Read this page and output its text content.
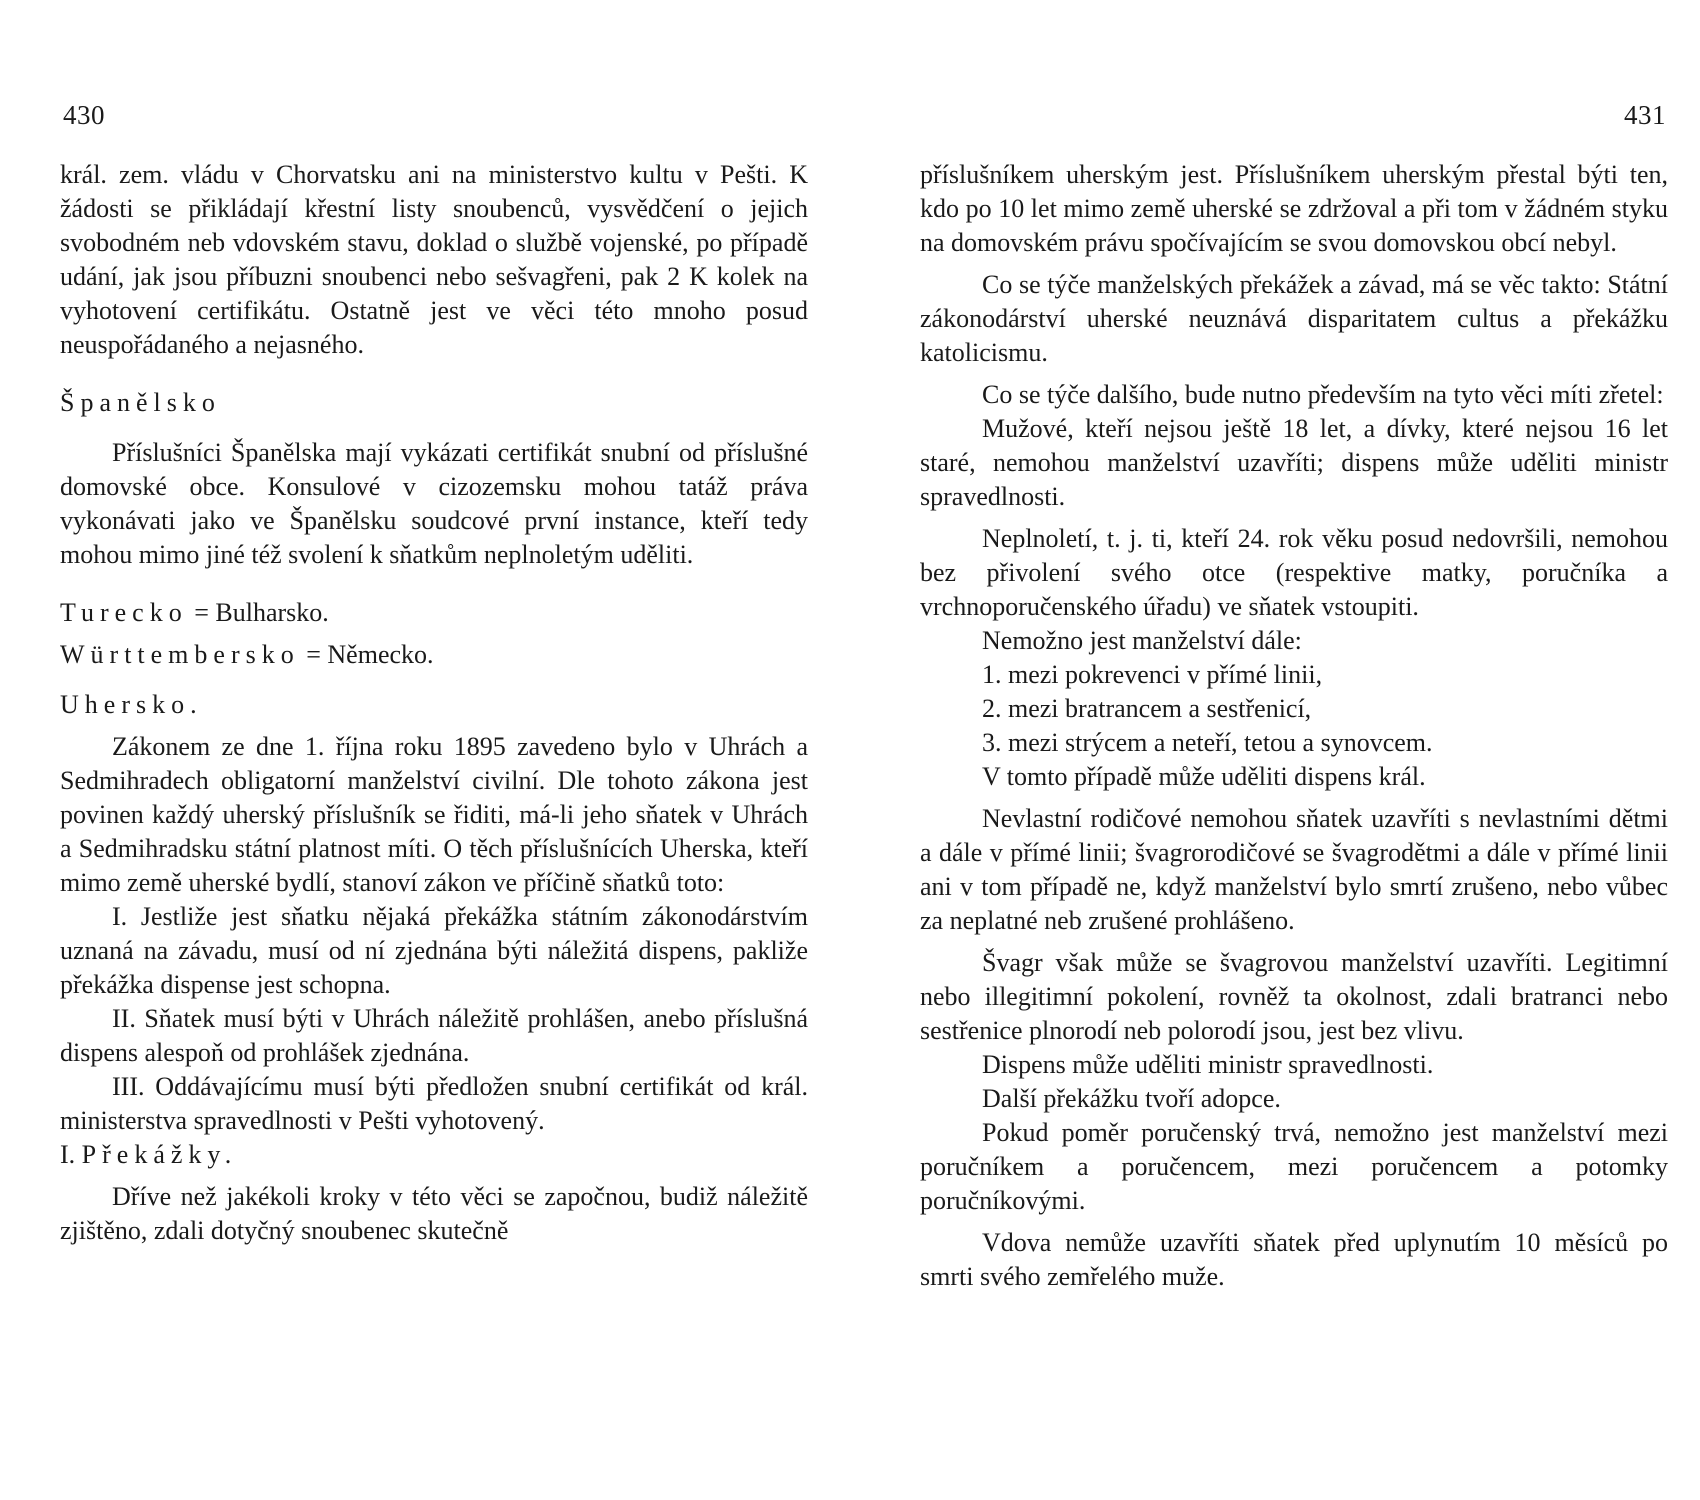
430	431

král. zem. vládu v Chorvatsku ani na ministerstvo kultu v Pešti. K žádosti se přikládají křestní listy snoubenců, vysvědčení o jejich svobodném neb vdovském stavu, doklad o službě vojenské, po případě udání, jak jsou příbuzni snoubenci nebo sešvagřeni, pak 2 K kolek na vyhotovení certifikátu. Ostatně jest ve věci této mnoho posud neuspořádaného a nejasného.

Španělsko

Příslušníci Španělska mají vykázati certifikát snubní od příslušné domovské obce. Konsulové v cizozemsku mohou tatáž práva vykonávati jako ve Španělsku soudcové první instance, kteří tedy mohou mimo jiné též svolení k sňatkům neplnoletým uděliti.

Turecko = Bulharsko.

Württembersko = Německo.

Uhersko.

Zákonem ze dne 1. října roku 1895 zavedeno bylo v Uhrách a Sedmihradech obligatorní manželství civilní. Dle tohoto zákona jest povinen každý uherský příslušník se řiditi, má-li jeho sňatek v Uhrách a Sedmihradsku státní platnost míti. O těch příslušnících Uherska, kteří mimo země uherské bydlí, stanoví zákon ve příčině sňatků toto:

I. Jestliže jest sňatku nějaká překážka státním zákonodárstvím uznaná na závadu, musí od ní zjednána býti náležitá dispens, pakliže překážka dispense jest schopna.

II. Sňatek musí býti v Uhrách náležitě prohlášen, anebo příslušná dispens alespoň od prohlášek zjednána.

III. Oddávajícímu musí býti předložen snubní certifikát od král. ministerstva spravedlnosti v Pešti vyhotovený.

I. Překážky.

Dříve než jakékoli kroky v této věci se započnou, budiž náležitě zjištěno, zdali dotyčný snoubenec skutečně

příslušníkem uherským jest. Příslušníkem uherským přestal býti ten, kdo po 10 let mimo země uherské se zdržoval a při tom v žádném styku na domovském právu spočívajícím se svou domovskou obcí nebyl.

Co se týče manželských překážek a závad, má se věc takto: Státní zákonodárství uherské neuznává disparitatem cultus a překážku katolicismu.

Co se týče dalšího, bude nutno především na tyto věci míti zřetel:

Mužové, kteří nejsou ještě 18 let, a dívky, které nejsou 16 let staré, nemohou manželství uzavříti; dispens může uděliti ministr spravedlnosti.

Neplnoletí, t. j. ti, kteří 24. rok věku posud nedovršili, nemohou bez přivolení svého otce (respektive matky, poručníka a vrchnoporučenského úřadu) ve sňatek vstoupiti.

Nemožno jest manželství dále:

1. mezi pokrevenci v přímé linii,

2. mezi bratrancem a sestřenicí,

3. mezi strýcem a neteří, tetou a synovcem.

V tomto případě může uděliti dispens král.

Nevlastní rodičové nemohou sňatek uzavříti s nevlastními dětmi a dále v přímé linii; švagrorodičové se švagrodětmi a dále v přímé linii ani v tom případě ne, když manželství bylo smrtí zrušeno, nebo vůbec za neplatné neb zrušené prohlášeno.

Švagr však může se švagrovou manželství uzavříti. Legitimní nebo illegitimní pokolení, rovněž ta okolnost, zdali bratranci nebo sestřenice plnorodí neb polorodí jsou, jest bez vlivu.

Dispens může uděliti ministr spravedlnosti.

Další překážku tvoří adopce.

Pokud poměr poručenský trvá, nemožno jest manželství mezi poručníkem a poručencem, mezi poručencem a potomky poručníkovými.

Vdova nemůže uzavříti sňatek před uplynutím 10 měsíců po smrti svého zemřelého muže.
